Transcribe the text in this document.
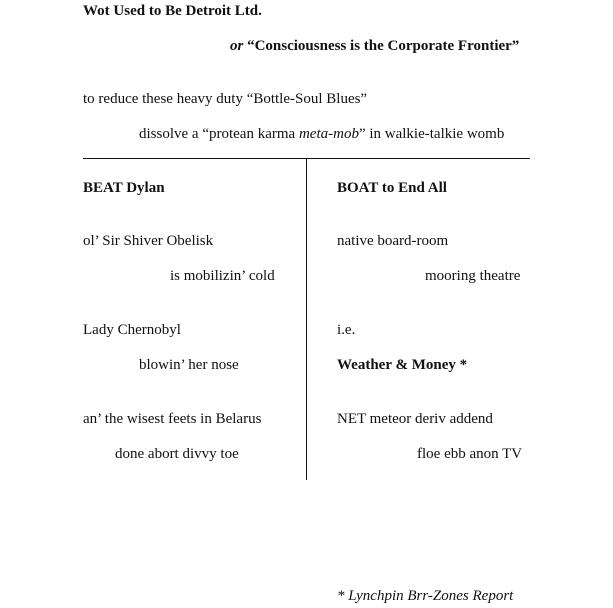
Wot Used to Be Detroit Ltd.
or “Consciousness is the Corporate Frontier”
to reduce these heavy duty “Bottle-Soul Blues”
dissolve a “protean karma meta-mob” in walkie-talkie womb
BEAT Dylan
ol’ Sir Shiver Obelisk
is mobilizin’ cold
Lady Chernobyl
blowin’ her nose
an’ the wisest feets in Belarus
done abort divvy toe
BOAT to End All
native board-room
mooring theatre
i.e.
Weather & Money *
NET meteor deriv addend
floe ebb anon TV
* Lynchpin Brr-Zones Report
